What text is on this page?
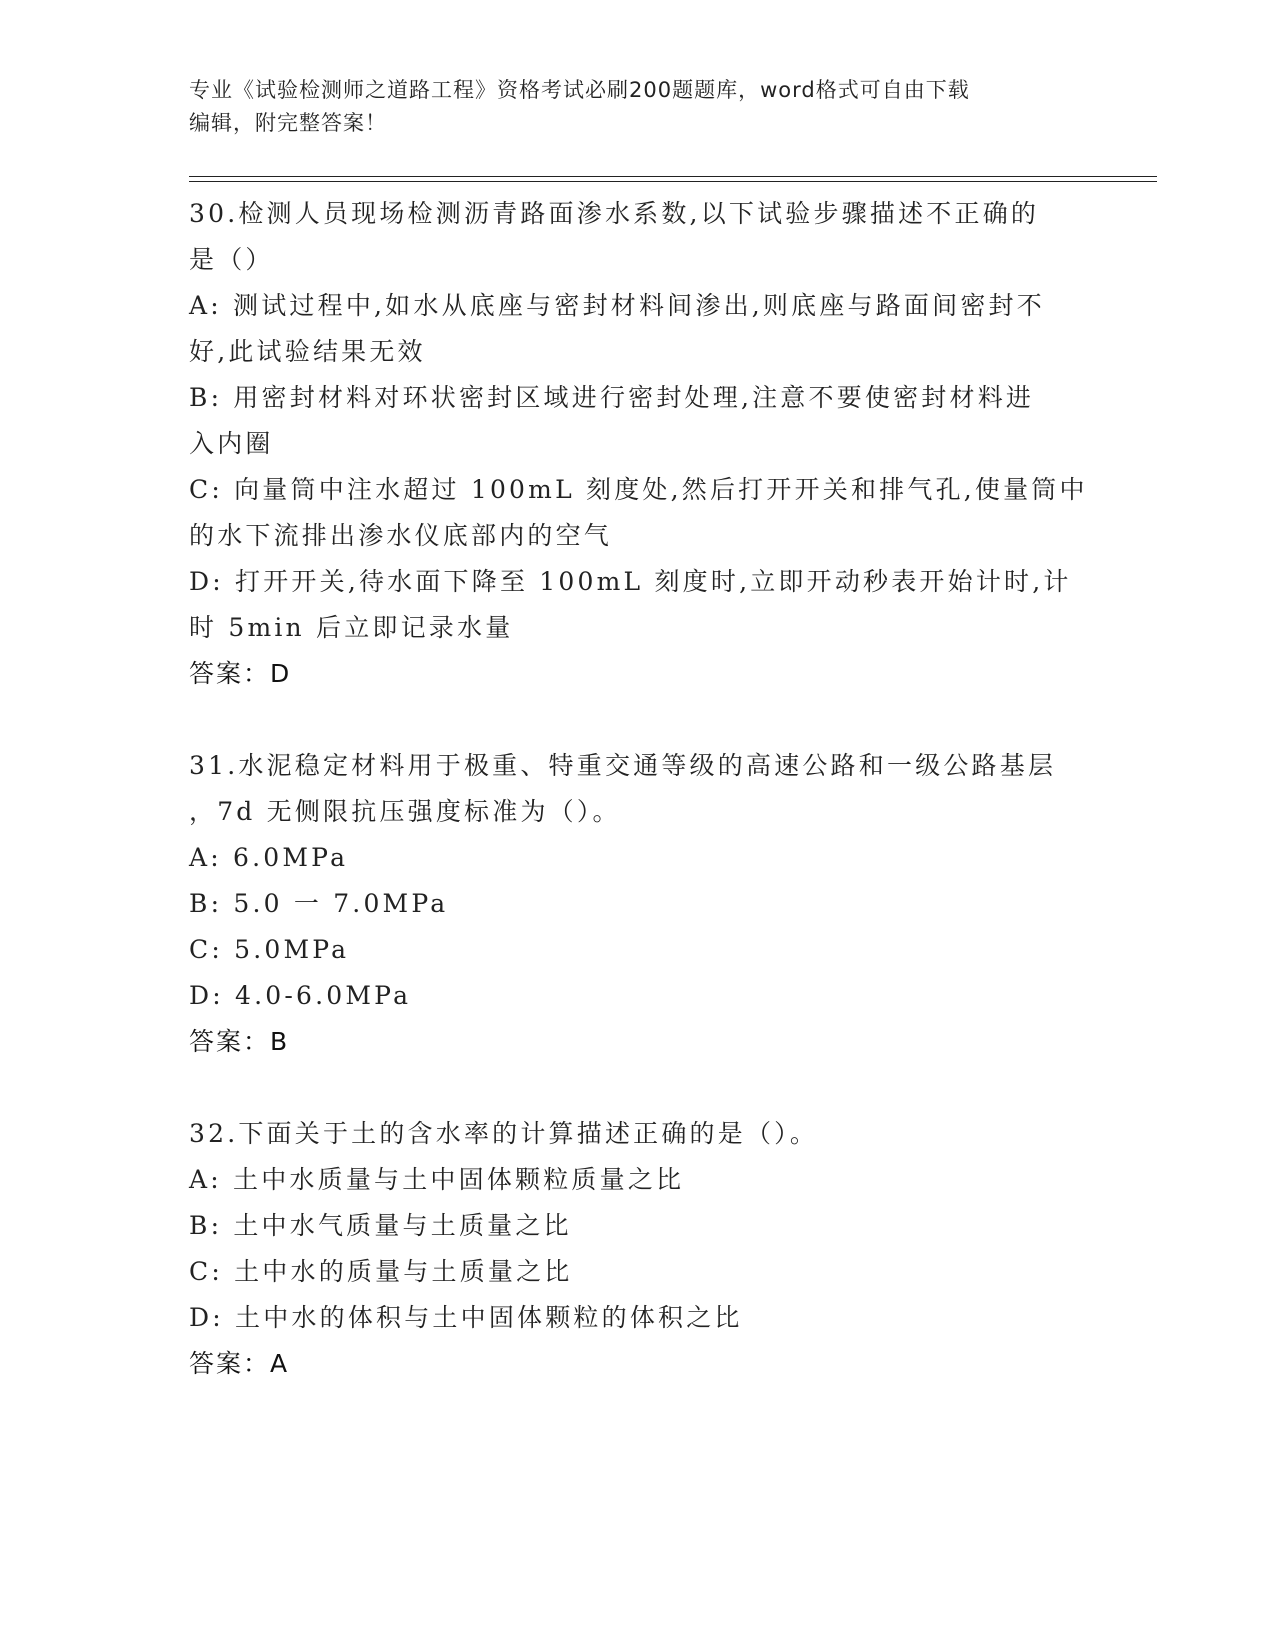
专业《试验检测师之道路工程》资格考试必刷200题题库，word格式可自由下载
编辑，附完整答案！
30.检测人员现场检测沥青路面渗水系数,以下试验步骤描述不正确的
是（）
A: 测试过程中,如水从底座与密封材料间渗出,则底座与路面间密封不
好,此试验结果无效
B: 用密封材料对环状密封区域进行密封处理,注意不要使密封材料进
入内圈
C: 向量筒中注水超过 100mL 刻度处,然后打开开关和排气孔,使量筒中
的水下流排出渗水仪底部内的空气
D: 打开开关,待水面下降至 100mL 刻度时,立即开动秒表开始计时,计
时 5min 后立即记录水量
答案：D
31.水泥稳定材料用于极重、特重交通等级的高速公路和一级公路基层
，7d 无侧限抗压强度标准为（）。
A: 6.0MPa
B: 5.0 一 7.0MPa
C: 5.0MPa
D: 4.0-6.0MPa
答案：B
32.下面关于土的含水率的计算描述正确的是（）。
A: 土中水质量与土中固体颗粒质量之比
B: 土中水气质量与土质量之比
C: 土中水的质量与土质量之比
D: 土中水的体积与土中固体颗粒的体积之比
答案：A
